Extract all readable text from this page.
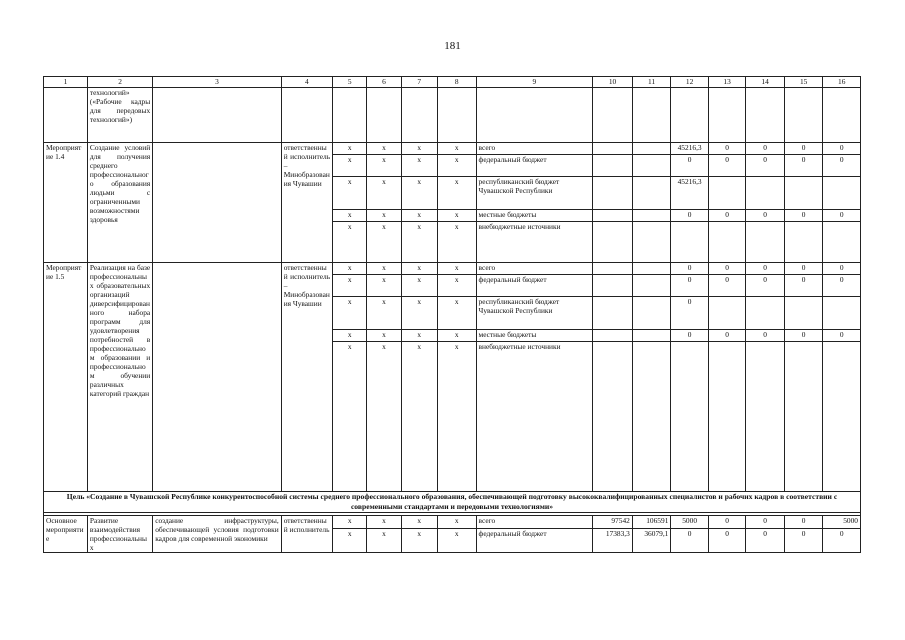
181
1	2	3	4	5	6	7	8	9	10	11	12	13	14	15	16
	технологий» («Рабочие кадры для передовых технологий»)														
Мероприятие 1.4	Создание условий для получения среднего профессионального образования людьми с ограниченными возможностями здоровья		ответственный исполнитель – Минобразования Чувашии	x	x	x	x	всего			45216,3	0	0	0	0
				x	x	x	x	федеральный бюджет			0	0	0	0	0
				x	x	x	x	республиканский бюджет Чувашской Республики			45216,3				
				x	x	x	x	местные бюджеты			0	0	0	0	0
				x	x	x	x	внебюджетные источники							
Мероприятие 1.5	Реализация на базе профессиональных образовательных организаций диверсифицированного набора программ для удовлетворения потребностей в профессиональном образовании и профессиональном обучении различных категорий граждан		ответственный исполнитель – Минобразования Чувашии	x	x	x	x	всего			0	0	0	0	0
				x	x	x	x	федеральный бюджет			0	0	0	0	0
				x	x	x	x	республиканский бюджет Чувашской Республики			0				
				x	x	x	x	местные бюджеты			0	0	0	0	0
				x	x	x	x	внебюджетные источники							
Цель «Создание в Чувашской Республике конкурентоспособной системы среднего профессионального образования, обеспечивающей подготовку высококвалифицированных специалистов и рабочих кадров в соответствии с современными стандартами и передовыми технологиями»															

Основное мероприятие	Развитие взаимодействия профессиональных	создание инфраструктуры, обеспечивающей условия подготовки кадров для современной экономики	ответственный исполнитель	x	x	x	x	всего	97542	106591	5000	0	0	0	5000
				x	x	x	x	федеральный бюджет	17383,3	36079,1	0	0	0	0	0
